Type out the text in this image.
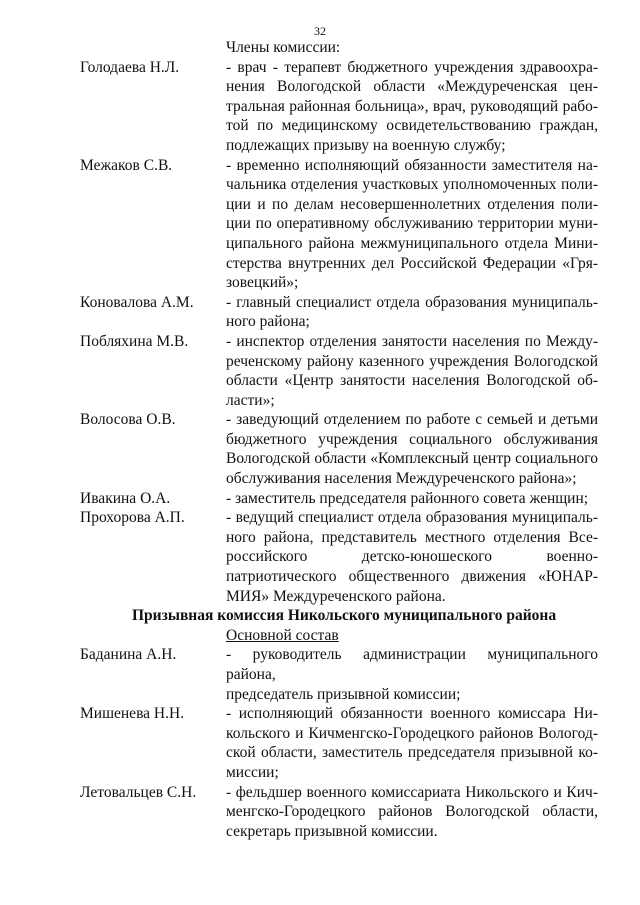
32
Члены комиссии:
Голодаева Н.Л.	- врач - терапевт бюджетного учреждения здравоохра-
нения Вологодской области «Междуреченская цен-
тральная районная больница», врач, руководящий рабо-
той по медицинскому освидетельствованию граждан,
подлежащих призыву на военную службу;
Межаков С.В.	- временно исполняющий обязанности заместителя на-
чальника отделения участковых уполномоченных поли-
ции и по делам несовершеннолетних отделения поли-
ции по оперативному обслуживанию территории муни-
ципального района межмуниципального отдела Мини-
стерства внутренних дел Российской Федерации «Гря-
зовецкий»;
Коновалова А.М.	- главный специалист отдела образования муниципаль-
ного района;
Побляхина М.В.	- инспектор отделения занятости населения по Между-
реченскому району казенного учреждения Вологодской
области «Центр занятости населения Вологодской об-
ласти»;
Волосова О.В.	- заведующий отделением по работе с семьей и детьми
бюджетного учреждения социального обслуживания
Вологодской области «Комплексный центр социального
обслуживания населения Междуреченского района»;
Ивакина О.А.	- заместитель председателя районного совета женщин;
Прохорова А.П.	- ведущий специалист отдела образования муниципаль-
ного района, представитель местного отделения Все-
российского детско-юношеского военно-
патриотического общественного движения «ЮНАР-
МИЯ» Междуреченского района.
Призывная комиссия Никольского муниципального района
Основной состав
Баданина А.Н.	- руководитель администрации муниципального района,
председатель призывной комиссии;
Мишенева Н.Н.	- исполняющий обязанности военного комиссара Ни-
кольского и Кичменгско-Городецкого районов Вологод-
ской области, заместитель председателя призывной ко-
миссии;
Летовальцев С.Н.	- фельдшер военного комиссариата Никольского и Кич-
менгско-Городецкого районов Вологодской области,
секретарь призывной комиссии.
